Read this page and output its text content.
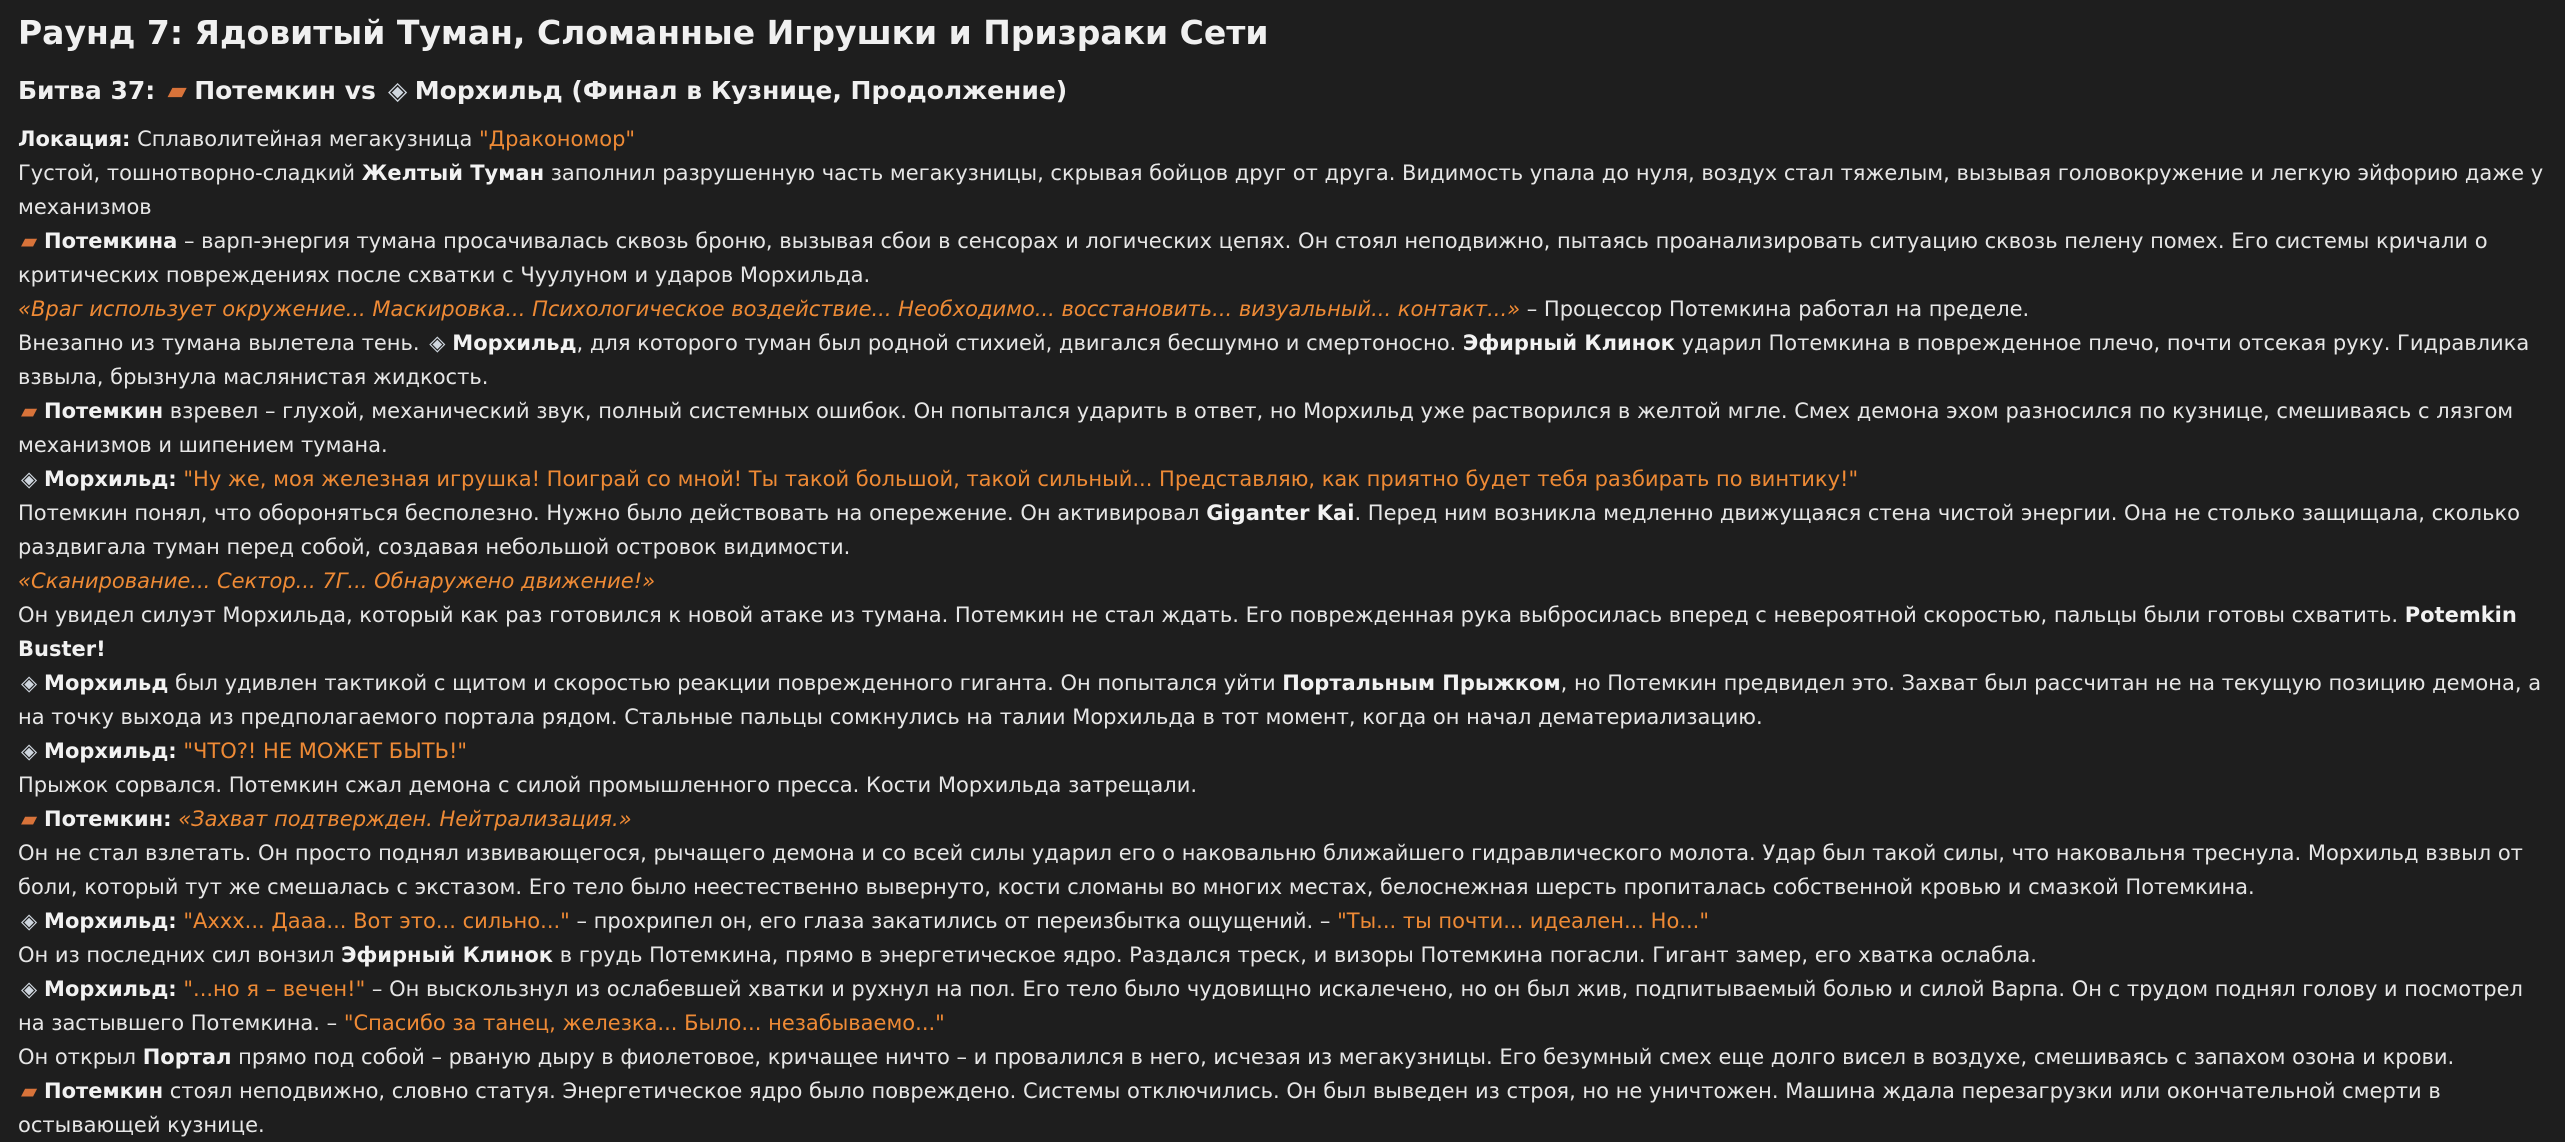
Раунд 7: Ядовитый Туман, Сломанные Игрушки и Призраки Сети
Битва 37: ▰ Потемкин vs ◈ Морхильд (Финал в Кузнице, Продолжение)

Локация: Сплаволитейная мегакузница "Дракономор"

Густой, тошнотворно-сладкий Желтый Туман заполнил разрушенную часть мегакузницы, скрывая бойцов друг от друга. Видимость упала до нуля, воздух стал тяжелым, вызывая головокружение и легкую эйфорию даже у механизмов

▰ Потемкина – варп-энергия тумана просачивалась сквозь броню, вызывая сбои в сенсорах и логических цепях. Он стоял неподвижно, пытаясь проанализировать ситуацию сквозь пелену помех. Его системы кричали о критических повреждениях после схватки с Чуулуном и ударов Морхильда.

«Враг использует окружение... Маскировка... Психологическое воздействие... Необходимо... восстановить... визуальный... контакт...» – Процессор Потемкина работал на пределе.

Внезапно из тумана вылетела тень. ◈ Морхильд, для которого туман был родной стихией, двигался бесшумно и смертоносно. Эфирный Клинок ударил Потемкина в поврежденное плечо, почти отсекая руку. Гидравлика взвыла, брызнула маслянистая жидкость.

▰ Потемкин взревел – глухой, механический звук, полный системных ошибок. Он попытался ударить в ответ, но Морхильд уже растворился в желтой мгле. Смех демона эхом разносился по кузнице, смешиваясь с лязгом механизмов и шипением тумана.

◈ Морхильд: "Ну же, моя железная игрушка! Поиграй со мной! Ты такой большой, такой сильный... Представляю, как приятно будет тебя разбирать по винтику!"

Потемкин понял, что обороняться бесполезно. Нужно было действовать на опережение. Он активировал Giganter Kai. Перед ним возникла медленно движущаяся стена чистой энергии. Она не столько защищала, сколько раздвигала туман перед собой, создавая небольшой островок видимости.

«Сканирование... Сектор... 7Г... Обнаружено движение!»

Он увидел силуэт Морхильда, который как раз готовился к новой атаке из тумана. Потемкин не стал ждать. Его поврежденная рука выбросилась вперед с невероятной скоростью, пальцы были готовы схватить. Potemkin Buster!

◈ Морхильд был удивлен тактикой с щитом и скоростью реакции поврежденного гиганта. Он попытался уйти Портальным Прыжком, но Потемкин предвидел это. Захват был рассчитан не на текущую позицию демона, а на точку выхода из предполагаемого портала рядом. Стальные пальцы сомкнулись на талии Морхильда в тот момент, когда он начал дематериализацию.

◈ Морхильд: "ЧТО?! НЕ МОЖЕТ БЫТЬ!"

Прыжок сорвался. Потемкин сжал демона с силой промышленного пресса. Кости Морхильда затрещали.

▰ Потемкин: «Захват подтвержден. Нейтрализация.»

Он не стал взлетать. Он просто поднял извивающегося, рычащего демона и со всей силы ударил его о наковальню ближайшего гидравлического молота. Удар был такой силы, что наковальня треснула. Морхильд взвыл от боли, который тут же смешалась с экстазом. Его тело было неестественно вывернуто, кости сломаны во многих местах, белоснежная шерсть пропиталась собственной кровью и смазкой Потемкина.

◈ Морхильд: "Ахxx... Дааа... Вот это... сильно..." – прохрипел он, его глаза закатились от переизбытка ощущений. – "Ты... ты почти... идеален... Но..."

Он из последних сил вонзил Эфирный Клинок в грудь Потемкина, прямо в энергетическое ядро. Раздался треск, и визоры Потемкина погасли. Гигант замер, его хватка ослабла.

◈ Морхильд: "...но я – вечен!" – Он выскользнул из ослабевшей хватки и рухнул на пол. Его тело было чудовищно искалечено, но он был жив, подпитываемый болью и силой Варпа. Он с трудом поднял голову и посмотрел на застывшего Потемкина. – "Спасибо за танец, железка... Было... незабываемо..."

Он открыл Портал прямо под собой – рваную дыру в фиолетовое, кричащее ничто – и провалился в него, исчезая из мегакузницы. Его безумный смех еще долго висел в воздухе, смешиваясь с запахом озона и крови.

▰ Потемкин стоял неподвижно, словно статуя. Энергетическое ядро было повреждено. Системы отключились. Он был выведен из строя, но не уничтожен. Машина ждала перезагрузки или окончательной смерти в остывающей кузнице.
